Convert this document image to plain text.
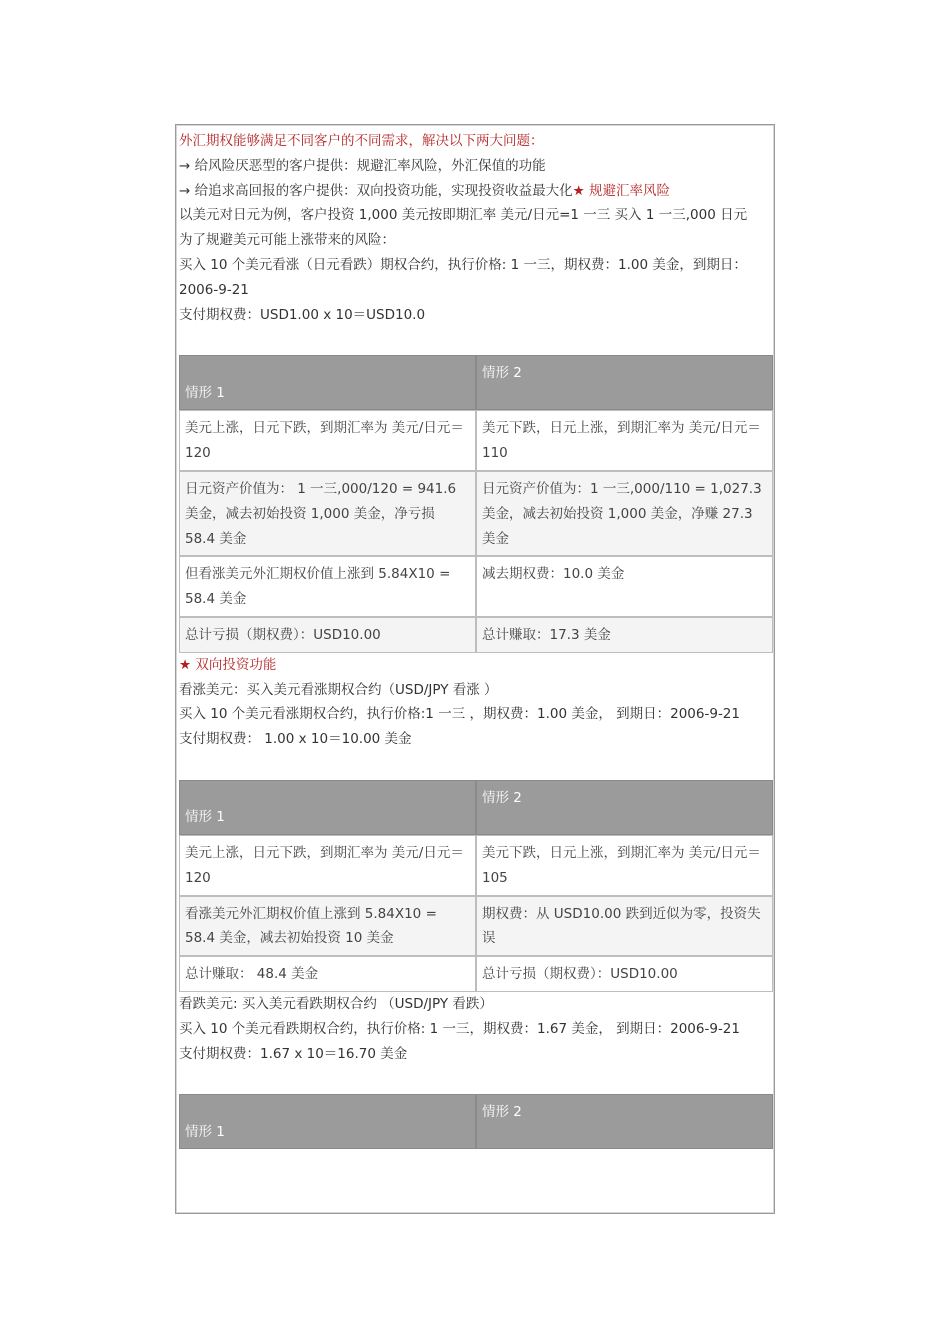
外汇期权能够满足不同客户的不同需求，解决以下两大问题：

→ 给风险厌恶型的客户提供：规避汇率风险，外汇保值的功能

→ 给追求高回报的客户提供：双向投资功能，实现投资收益最大化★ 规避汇率风险

以美元对日元为例，客户投资 1,000 美元按即期汇率 美元/日元=1 一三 买入 1 一三,000 日元

为了规避美元可能上涨带来的风险：

买入 10 个美元看涨（日元看跌）期权合约，执行价格: 1 一三，期权费：1.00 美金，到期日：2006-9-21

支付期权费：USD1.00 x 10＝USD10.0

情形 1	情形 2
美元上涨，日元下跌，到期汇率为 美元/日元＝120	美元下跌，日元上涨，到期汇率为 美元/日元＝110
日元资产价值为： 1 一三,000/120 = 941.6 美金，减去初始投资 1,000 美金，净亏损 58.4 美金	日元资产价值为：1 一三,000/110 = 1,027.3 美金，减去初始投资 1,000 美金，净赚 27.3 美金
但看涨美元外汇期权价值上涨到 5.84X10 = 58.4 美金	减去期权费：10.0 美金
总计亏损（期权费）：USD10.00	总计赚取：17.3 美金

★ 双向投资功能

看涨美元：买入美元看涨期权合约（USD/JPY 看涨 ）

买入 10 个美元看涨期权合约，执行价格:1 一三 ，期权费：1.00 美金， 到期日：2006-9-21

支付期权费： 1.00 x 10＝10.00 美金

情形 1	情形 2
美元上涨，日元下跌，到期汇率为 美元/日元＝120	美元下跌，日元上涨，到期汇率为 美元/日元＝105
看涨美元外汇期权价值上涨到 5.84X10 = 58.4 美金，减去初始投资 10 美金	期权费：从 USD10.00 跌到近似为零，投资失误
总计赚取： 48.4 美金	总计亏损（期权费）：USD10.00

看跌美元: 买入美元看跌期权合约 （USD/JPY 看跌）

买入 10 个美元看跌期权合约，执行价格: 1 一三，期权费：1.67 美金， 到期日：2006-9-21

支付期权费：1.67 x 10＝16.70 美金

情形 1	情形 2
